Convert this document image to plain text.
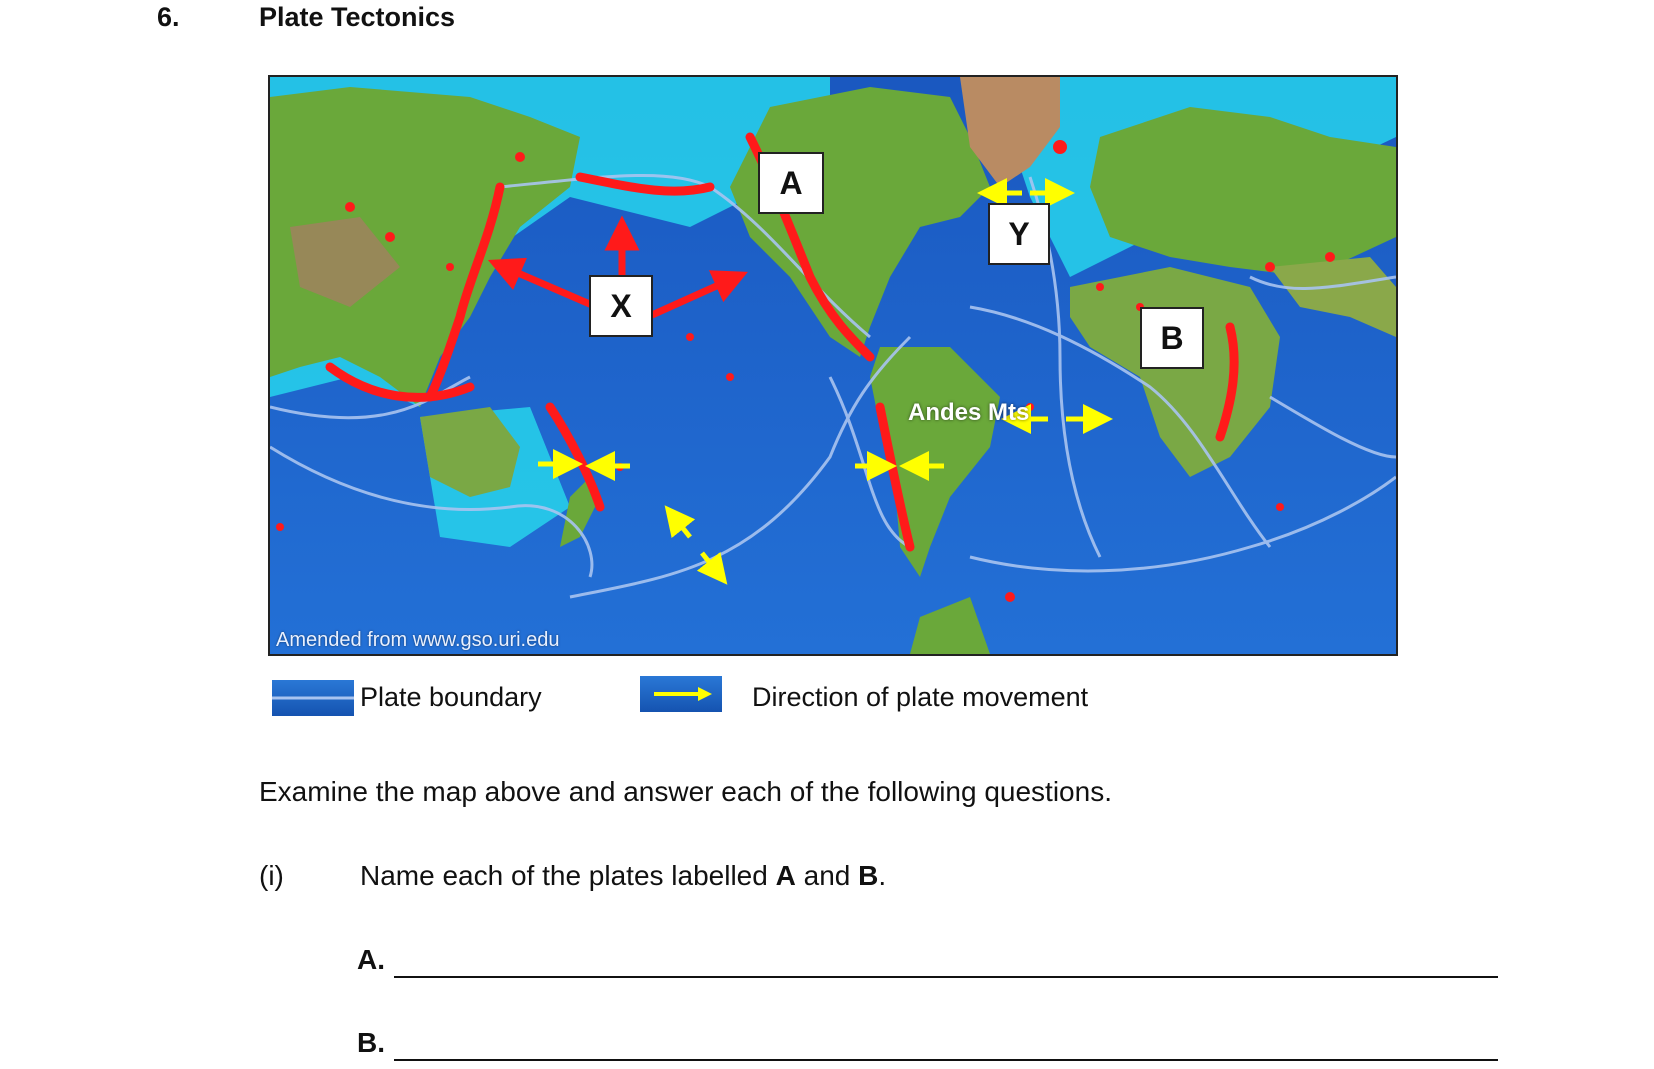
6.	Plate Tectonics
A
Y
X
B
Andes Mts
Amended from www.gso.uri.edu
Plate boundary	Direction of plate movement
Examine the map above and answer each of the following questions.
(i)	Name each of the plates labelled A and B.
A.
B.
